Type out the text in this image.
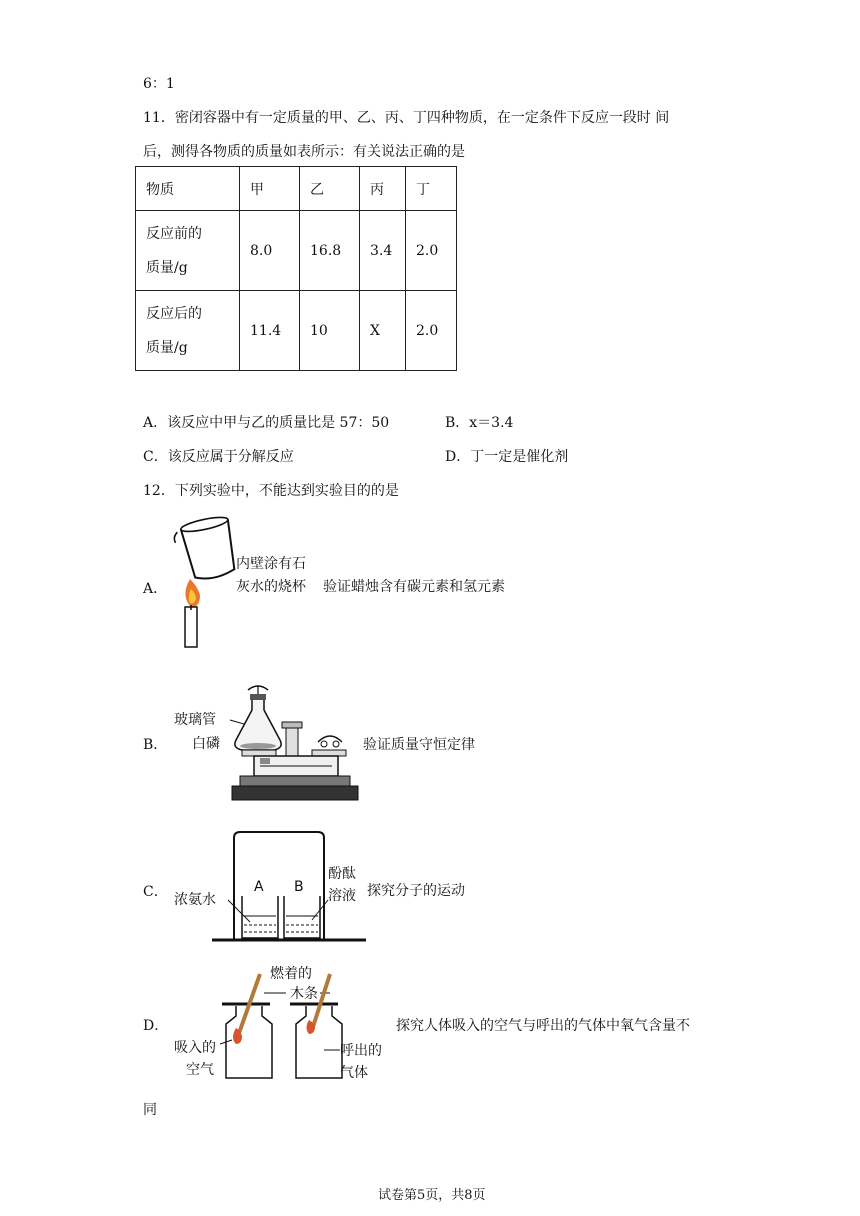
6：1
11．密闭容器中有一定质量的甲、乙、丙、丁四种物质，在一定条件下反应一段时 间
后，测得各物质的质量如表所示：有关说法正确的是
物质	甲	乙	丙	丁

反应前的
质量/g	8.0	16.8	3.4	2.0

反应后的
质量/g	11.4	10	X	2.0
A．该反应中甲与乙的质量比是 57：50	B．x＝3.4
C．该反应属于分解反应	D．丁一定是催化剂
12．下列实验中，不能达到实验目的的是
A．
内壁涂有石
灰水的烧杯 验证蜡烛含有碳元素和氢元素
B．
玻璃管
白磷	验证质量守恒定律
C．	A B
浓氨水
酚酞
溶液 探究分子的运动
D．
燃着的
木条
吸入的
空气
呼出的
气体
探究人体吸入的空气与呼出的气体中氧气含量不
同
试卷第5页，共8页
